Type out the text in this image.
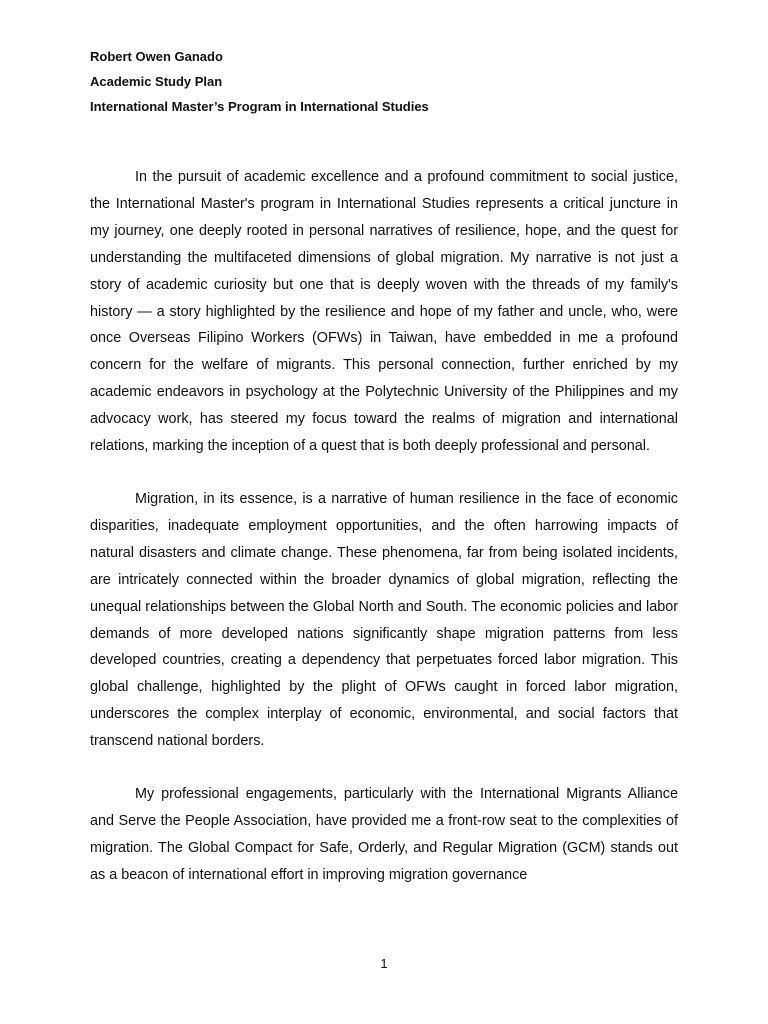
Robert Owen Ganado
Academic Study Plan
International Master’s Program in International Studies

In the pursuit of academic excellence and a profound commitment to social justice, the International Master's program in International Studies represents a critical juncture in my journey, one deeply rooted in personal narratives of resilience, hope, and the quest for understanding the multifaceted dimensions of global migration. My narrative is not just a story of academic curiosity but one that is deeply woven with the threads of my family's history — a story highlighted by the resilience and hope of my father and uncle, who, were once Overseas Filipino Workers (OFWs) in Taiwan, have embedded in me a profound concern for the welfare of migrants. This personal connection, further enriched by my academic endeavors in psychology at the Polytechnic University of the Philippines and my advocacy work, has steered my focus toward the realms of migration and international relations, marking the inception of a quest that is both deeply professional and personal.

Migration, in its essence, is a narrative of human resilience in the face of economic disparities, inadequate employment opportunities, and the often harrowing impacts of natural disasters and climate change. These phenomena, far from being isolated incidents, are intricately connected within the broader dynamics of global migration, reflecting the unequal relationships between the Global North and South. The economic policies and labor demands of more developed nations significantly shape migration patterns from less developed countries, creating a dependency that perpetuates forced labor migration. This global challenge, highlighted by the plight of OFWs caught in forced labor migration, underscores the complex interplay of economic, environmental, and social factors that transcend national borders.

My professional engagements, particularly with the International Migrants Alliance and Serve the People Association, have provided me a front-row seat to the complexities of migration. The Global Compact for Safe, Orderly, and Regular Migration (GCM) stands out as a beacon of international effort in improving migration governance

1
